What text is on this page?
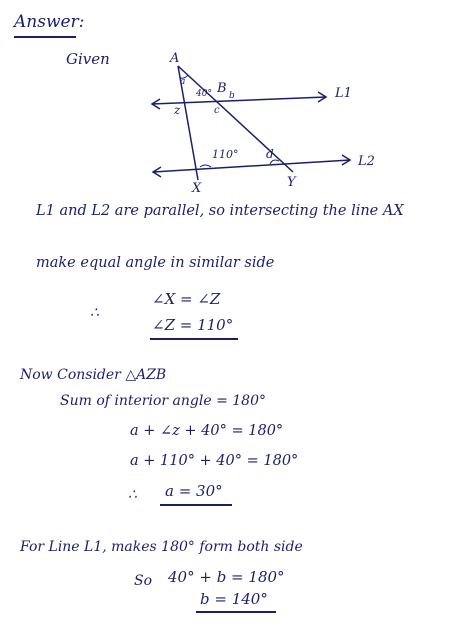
Answer:
Given	A
a
40° B b
c
z
L1
110° d	L2
X	Y
L1 and L2 are parallel, so intersecting the line AX
make equal angle in similar side
∴
∠X = ∠Z
∠Z = 110°
Now Consider △AZB
Sum of interior angle = 180°
a + ∠z + 40° = 180°
a + 110° + 40° = 180°
∴ a = 30°
For Line L1, makes 180° form both side
So 40° + b = 180°
b = 140°
